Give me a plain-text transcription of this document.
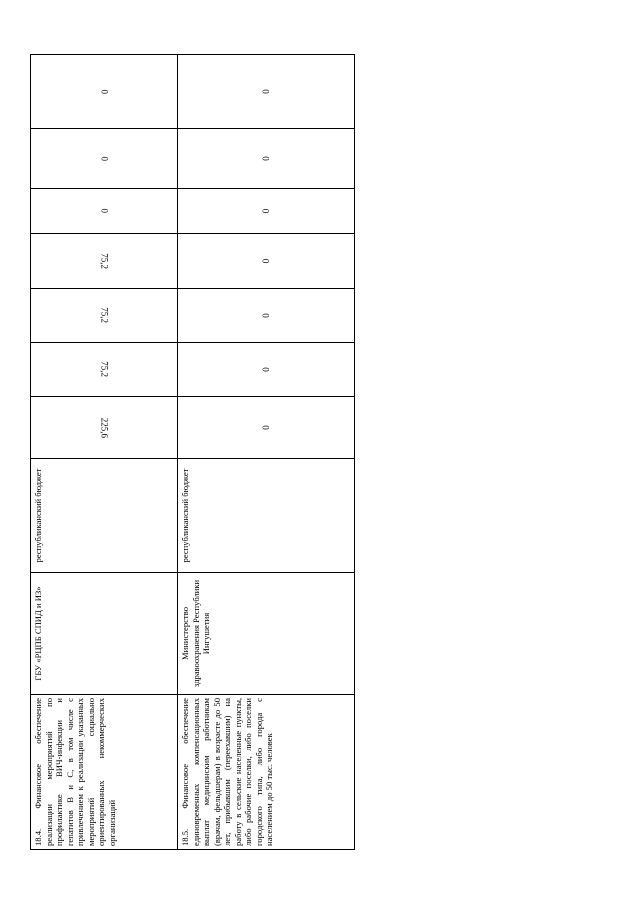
18.4. Финансовое обеспечение реализации мероприятий по профилактике ВИЧ-инфекции и гепатитов B и C, в том числе с привлечением к реализации указанных мероприятий социально ориентированных некоммерческих организаций	ГБУ «РЦПБ СПИД и ИЗ»	республиканский бюджет	225,6	75,2	75,2	75,2	0	0	0
18.5. Финансовое обеспечение единовременных компенсационных выплат медицинским работникам (врачам, фельдшерам) в возрасте до 50 лет, прибывшим (переехавшим) на работу в сельские населенные пункты, либо рабочие поселки, либо поселки городского типа, либо города с населением до 50 тыс. человек	Министерство здравоохранения Республики Ингушетия	республиканский бюджет	0	0	0	0	0	0	0
